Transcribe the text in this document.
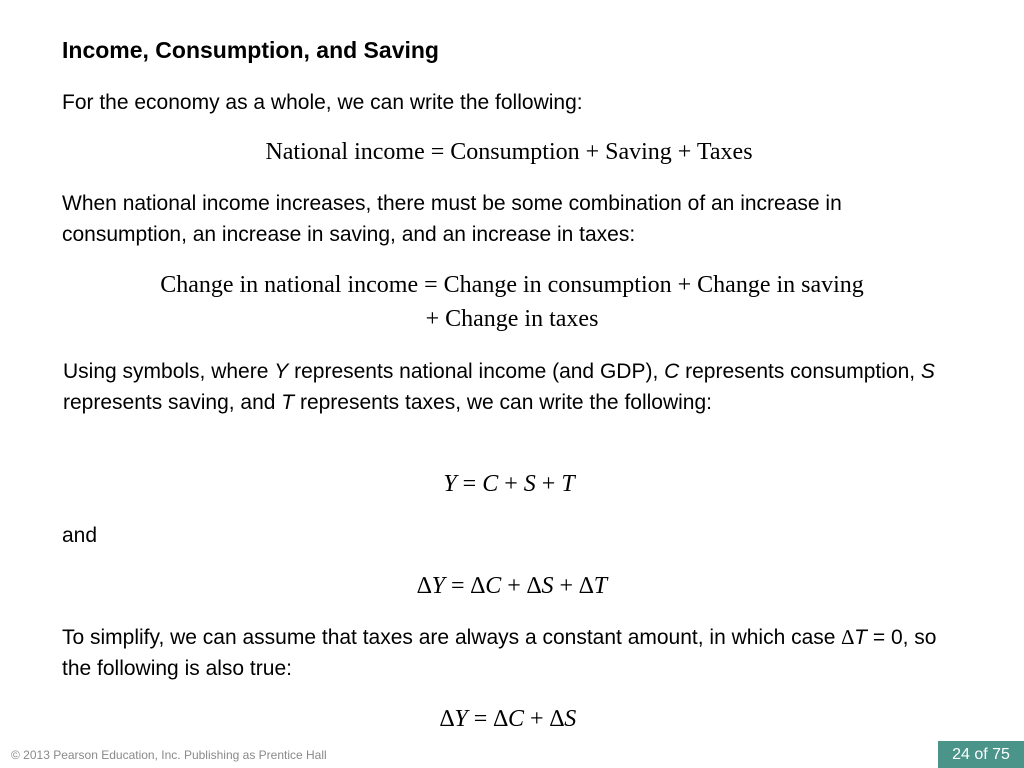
Income, Consumption, and Saving

For the economy as a whole, we can write the following:

National income = Consumption + Saving + Taxes

When national income increases, there must be some combination of an increase in consumption, an increase in saving, and an increase in taxes:

Change in national income = Change in consumption + Change in saving
+ Change in taxes

Using symbols, where Y represents national income (and GDP), C represents consumption, S represents saving, and T represents taxes, we can write the following:

Y = C + S + T

and

∆Y = ∆C + ∆S + ∆T

To simplify, we can assume that taxes are always a constant amount, in which case ∆T = 0, so the following is also true:

∆Y = ∆C + ∆S
© 2013 Pearson Education, Inc. Publishing as Prentice Hall	24 of 75
